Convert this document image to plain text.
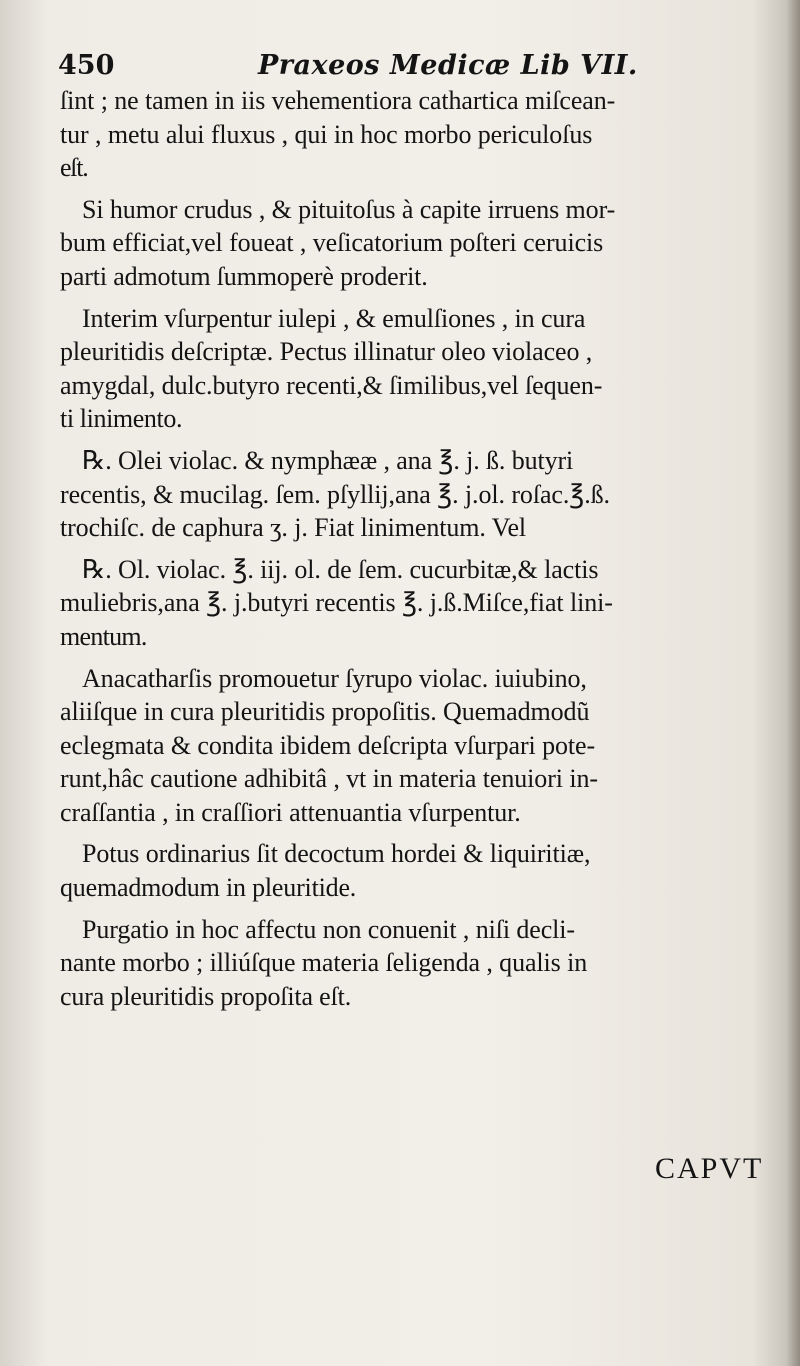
450	Praxeos Medicæ Lib VII.
ſint ; ne tamen in iis vehementiora cathartica miſcean-
tur , metu alui fluxus , qui in hoc morbo periculoſus
eſt.
Si humor crudus , & pituitoſus à capite irruens mor-
bum efficiat,vel foueat , veſicatorium poſteri ceruicis
parti admotum ſummoperè proderit.
Interim vſurpentur iulepi , & emulſiones , in cura
pleuritidis deſcriptæ. Pectus illinatur oleo violaceo ,
amygdal, dulc.butyro recenti,& ſimilibus,vel ſequen-
ti linimento.
℞. Olei violac. & nymphææ , ana ℥. j. ß. butyri
recentis, & mucilag. ſem. pſyllij,ana ℥. j.ol. roſac.℥.ß.
trochiſc. de caphura ʒ. j. Fiat linimentum. Vel
℞. Ol. violac. ℥. iij. ol. de ſem. cucurbitæ,& lactis
muliebris,ana ℥. j.butyri recentis ℥. j.ß.Miſce,fiat lini-
mentum.
Anacatharſis promouetur ſyrupo violac. iuiubino,
aliiſque in cura pleuritidis propoſitis. Quemadmodũ
eclegmata & condita ibidem deſcripta vſurpari pote-
runt,hâc cautione adhibitâ , vt in materia tenuiori in-
craſſantia , in craſſiori attenuantia vſurpentur.
Potus ordinarius ſit decoctum hordei & liquiritiæ,
quemadmodum in pleuritide.
Purgatio in hoc affectu non conuenit , niſi decli-
nante morbo ; illiúſque materia ſeligenda , qualis in
cura pleuritidis propoſita eſt.
CAPVT
